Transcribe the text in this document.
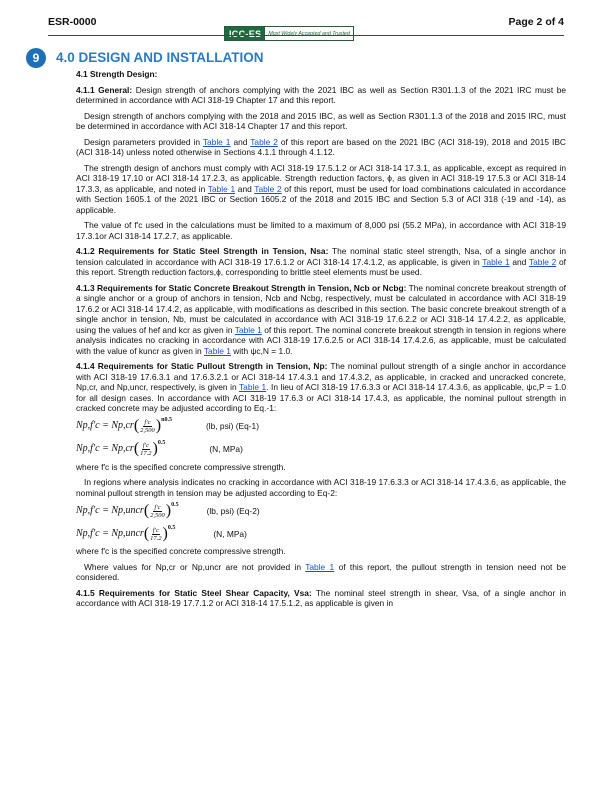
ESR-0000	Page 2 of 4
ICC-ES	Most Widely Accepted and Trusted
9	4.0 DESIGN AND INSTALLATION

4.1 Strength Design:

4.1.1 General: Design strength of anchors complying with the 2021 IBC as well as Section R301.1.3 of the 2021 IRC must be determined in accordance with ACI 318-19 Chapter 17 and this report.

Design strength of anchors complying with the 2018 and 2015 IBC, as well as Section R301.1.3 of the 2018 and 2015 IRC, must be determined in accordance with ACI 318-14 Chapter 17 and this report.

Design parameters provided in Table 1 and Table 2 of this report are based on the 2021 IBC (ACI 318-19), 2018 and 2015 IBC (ACI 318-14) unless noted otherwise in Sections 4.1.1 through 4.1.12.

The strength design of anchors must comply with ACI 318-19 17.5.1.2 or ACI 318-14 17.3.1, as applicable, except as required in ACI 318-19 17.10 or ACI 318-14 17.2.3, as applicable. Strength reduction factors, ϕ, as given in ACI 318-19 17.5.3 or ACI 318-14 17.3.3, as applicable, and noted in Table 1 and Table 2 of this report, must be used for load combinations calculated in accordance with Section 1605.1 of the 2021 IBC or Section 1605.2 of the 2018 and 2015 IBC and Section 5.3 of ACI 318 (-19 and -14), as applicable.

The value of f′c used in the calculations must be limited to a maximum of 8,000 psi (55.2 MPa), in accordance with ACI 318-19 17.3.1or ACI 318-14 17.2.7, as applicable.

4.1.2 Requirements for Static Steel Strength in Tension, Nsa: The nominal static steel strength, Nsa, of a single anchor in tension calculated in accordance with ACI 318-19 17.6.1.2 or ACI 318-14 17.4.1.2, as applicable, is given in Table 1 and Table 2 of this report. Strength reduction factors,ϕ, corresponding to brittle steel elements must be used.

4.1.3 Requirements for Static Concrete Breakout Strength in Tension, Ncb or Ncbg: The nominal concrete breakout strength of a single anchor or a group of anchors in tension, Ncb and Ncbg, respectively, must be calculated in accordance with ACI 318-19 17.6.2 or ACI 318-14 17.4.2, as applicable, with modifications as described in this section. The basic concrete breakout strength of a single anchor in tension, Nb, must be calculated in accordance with ACI 318-19 17.6.2.2 or ACI 318-14 17.4.2.2, as applicable, using the values of hef and kcr as given in Table 1 of this report. The nominal concrete breakout strength in tension in regions where analysis indicates no cracking in accordance with ACI 318-19 17.6.2.5 or ACI 318-14 17.4.2.6, as applicable, must be calculated with the value of kuncr as given in Table 1 with ψc,N = 1.0.

4.1.4 Requirements for Static Pullout Strength in Tension, Np: The nominal pullout strength of a single anchor in accordance with ACI 318-19 17.6.3.1 and 17.6.3.2.1 or ACI 318-14 17.4.3.1 and 17.4.3.2, as applicable, in cracked and uncracked concrete, Np,cr, and Np,uncr, respectively, is given in Table 1. In lieu of ACI 318-19 17.6.3.3 or ACI 318-14 17.4.3.6, as applicable, ψc,P = 1.0 for all design cases. In accordance with ACI 318-19 17.6.3 or ACI 318-14 17.4.3, as applicable, the nominal pullout strength in cracked concrete may be adjusted according to Eq.-1:

Np,f′c
=
Np,cr ( $\frac{f'c}{2,500}$ ) n0.5
(lb, psi) (Eq-1)
Np,f′c
=
Np,cr ( $\frac{f'c}{17.2}$ ) 0.5
(N, MPa)

where f′c is the specified concrete compressive strength.

In regions where analysis indicates no cracking in accordance with ACI 318-19 17.6.3.3 or ACI 318-14 17.4.3.6, as applicable, the nominal pullout strength in tension may be adjusted according to Eq-2:

Np,f′c
=
Np,uncr ( $\frac{f'c}{2,500}$ ) 0.5
(lb, psi) (Eq-2)
Np,f′c
=
Np,uncr ( $\frac{f'c}{17.2}$ ) 0.5
(N, MPa)

where f′c is the specified concrete compressive strength.

Where values for Np,cr or Np,uncr are not provided in Table 1 of this report, the pullout strength in tension need not be considered.

4.1.5 Requirements for Static Steel Shear Capacity, Vsa: The nominal steel strength in shear, Vsa, of a single anchor in accordance with ACI 318-19 17.7.1.2 or ACI 318-14 17.5.1.2, as applicable is given in
